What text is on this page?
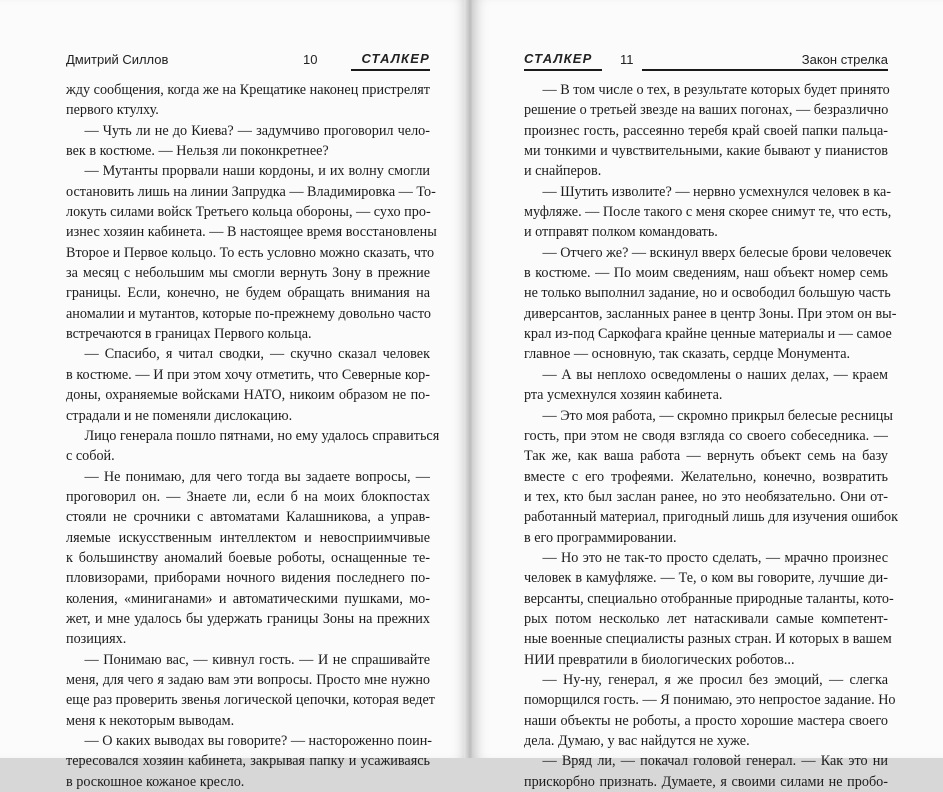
Дмитрий Силлов	10	СТАЛКЕР
жду сообщения, когда же на Крещатике наконец пристрелят
первого ктулху.
— Чуть ли не до Киева? — задумчиво проговорил чело-
век в костюме. — Нельзя ли поконкретнее?
— Мутанты прорвали наши кордоны, и их волну смогли
остановить лишь на линии Запрудка — Владимировка — То-
локуть силами войск Третьего кольца обороны, — сухо про-
изнес хозяин кабинета. — В настоящее время восстановлены
Второе и Первое кольцо. То есть условно можно сказать, что
за месяц с небольшим мы смогли вернуть Зону в прежние
границы. Если, конечно, не будем обращать внимания на
аномалии и мутантов, которые по-прежнему довольно часто
встречаются в границах Первого кольца.
— Спасибо, я читал сводки, — скучно сказал человек
в костюме. — И при этом хочу отметить, что Северные кор-
доны, охраняемые войсками НАТО, никоим образом не по-
страдали и не поменяли дислокацию.
Лицо генерала пошло пятнами, но ему удалось справиться
с собой.
— Не понимаю, для чего тогда вы задаете вопросы, —
проговорил он. — Знаете ли, если б на моих блокпостах
стояли не срочники с автоматами Калашникова, а управ-
ляемые искусственным интеллектом и невосприимчивые
к большинству аномалий боевые роботы, оснащенные те-
пловизорами, приборами ночного видения последнего по-
коления, «миниганами» и автоматическими пушками, мо-
жет, и мне удалось бы удержать границы Зоны на прежних
позициях.
— Понимаю вас, — кивнул гость. — И не спрашивайте
меня, для чего я задаю вам эти вопросы. Просто мне нужно
еще раз проверить звенья логической цепочки, которая ведет
меня к некоторым выводам.
— О каких выводах вы говорите? — настороженно поин-
тересовался хозяин кабинета, закрывая папку и усаживаясь
в роскошное кожаное кресло.
СТАЛКЕР 11	Закон стрелка
— В том числе о тех, в результате которых будет принято
решение о третьей звезде на ваших погонах, — безразлично
произнес гость, рассеянно теребя край своей папки пальца-
ми тонкими и чувствительными, какие бывают у пианистов
и снайперов.
— Шутить изволите? — нервно усмехнулся человек в ка-
муфляже. — После такого с меня скорее снимут те, что есть,
и отправят полком командовать.
— Отчего же? — вскинул вверх белесые брови человечек
в костюме. — По моим сведениям, наш объект номер семь
не только выполнил задание, но и освободил большую часть
диверсантов, засланных ранее в центр Зоны. При этом он вы-
крал из-под Саркофага крайне ценные материалы и — самое
главное — основную, так сказать, сердце Монумента.
— А вы неплохо осведомлены о наших делах, — краем
ртa усмехнулся хозяин кабинета.
— Это моя работа, — скромно прикрыл белесые ресницы
гость, при этом не сводя взгляда со своего собеседника. —
Так же, как ваша работа — вернуть объект семь на базу
вместе с его трофеями. Желательно, конечно, возвратить
и тех, кто был заслан ранее, но это необязательно. Они от-
работанный материал, пригодный лишь для изучения ошибок
в его программировании.
— Но это не так-то просто сделать, — мрачно произнес
человек в камуфляже. — Те, о ком вы говорите, лучшие ди-
версанты, специально отобранные природные таланты, кото-
рых потом несколько лет натаскивали самые компетент-
ные военные специалисты разных стран. И которых в вашем
НИИ превратили в биологических роботов...
— Ну-ну, генерал, я же просил без эмоций, — слегка
поморщился гость. — Я понимаю, это непростое задание. Но
наши объекты не роботы, а просто хорошие мастера своего
дела. Думаю, у вас найдутся не хуже.
— Вряд ли, — покачал головой генерал. — Как это ни
прискорбно признать. Думаете, я своими силами не пробо-
